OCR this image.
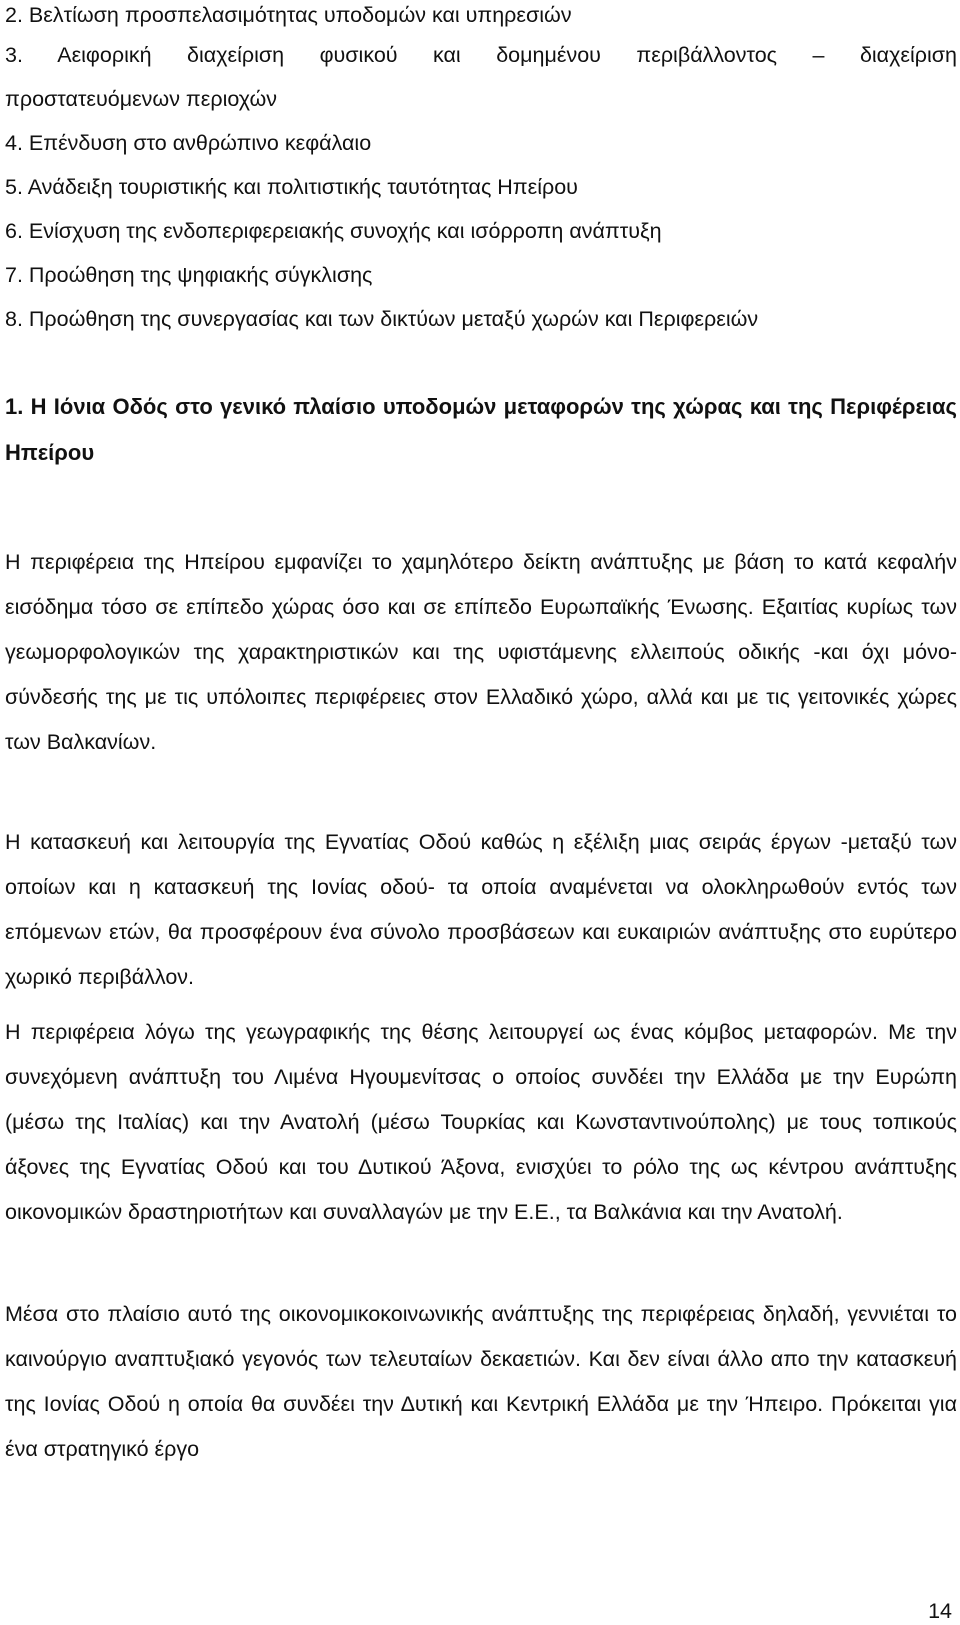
2. Βελτίωση προσπελασιμότητας υποδομών και υπηρεσιών
3. Αειφορική διαχείριση φυσικού και δομημένου περιβάλλοντος – διαχείριση
προστατευόμενων περιοχών
4. Επένδυση στο ανθρώπινο κεφάλαιο
5. Ανάδειξη τουριστικής και πολιτιστικής ταυτότητας Ηπείρου
6. Ενίσχυση της ενδοπεριφερειακής συνοχής και ισόρροπη ανάπτυξη
7. Προώθηση της ψηφιακής σύγκλισης
8. Προώθηση της συνεργασίας και των δικτύων μεταξύ χωρών και Περιφερειών
1. Η Ιόνια Οδός στο γενικό πλαίσιο υποδομών μεταφορών της χώρας και της Περιφέρειας Ηπείρου
Η περιφέρεια της Ηπείρου εμφανίζει το χαμηλότερο δείκτη ανάπτυξης με βάση το κατά κεφαλήν εισόδημα τόσο σε επίπεδο χώρας όσο και σε επίπεδο Ευρωπαϊκής Ένωσης. Εξαιτίας κυρίως των γεωμορφολογικών της χαρακτηριστικών και της υφιστάμενης ελλειπούς οδικής -και όχι μόνο- σύνδεσής της με τις υπόλοιπες περιφέρειες στον Ελλαδικό χώρο, αλλά και με τις γειτονικές χώρες των Βαλκανίων.
Η κατασκευή και λειτουργία της Εγνατίας Οδού καθώς η εξέλιξη μιας σειράς έργων -μεταξύ των οποίων και η κατασκευή της Ιονίας οδού- τα οποία αναμένεται να ολοκληρωθούν εντός των επόμενων ετών, θα προσφέρουν ένα σύνολο προσβάσεων και ευκαιριών ανάπτυξης στο ευρύτερο χωρικό περιβάλλον.
Η περιφέρεια λόγω της γεωγραφικής της θέσης λειτουργεί ως ένας κόμβος μεταφορών. Με την συνεχόμενη ανάπτυξη του Λιμένα Ηγουμενίτσας ο οποίος συνδέει την Ελλάδα με την Ευρώπη (μέσω της Ιταλίας) και την Ανατολή (μέσω Τουρκίας και Κωνσταντινούπολης) με τους τοπικούς άξονες της Εγνατίας Οδού και του Δυτικού Άξονα, ενισχύει το ρόλο της ως κέντρου ανάπτυξης οικονομικών δραστηριοτήτων και συναλλαγών με την Ε.Ε., τα Βαλκάνια και την Ανατολή.
Μέσα στο πλαίσιο αυτό της οικονομικοκοινωνικής ανάπτυξης της περιφέρειας δηλαδή, γεννιέται το καινούργιο αναπτυξιακό γεγονός των τελευταίων δεκαετιών. Και δεν είναι άλλο απο την κατασκευή της Ιονίας Οδού η οποία θα συνδέει την Δυτική και Κεντρική Ελλάδα με την Ήπειρο. Πρόκειται για ένα στρατηγικό έργο
14
